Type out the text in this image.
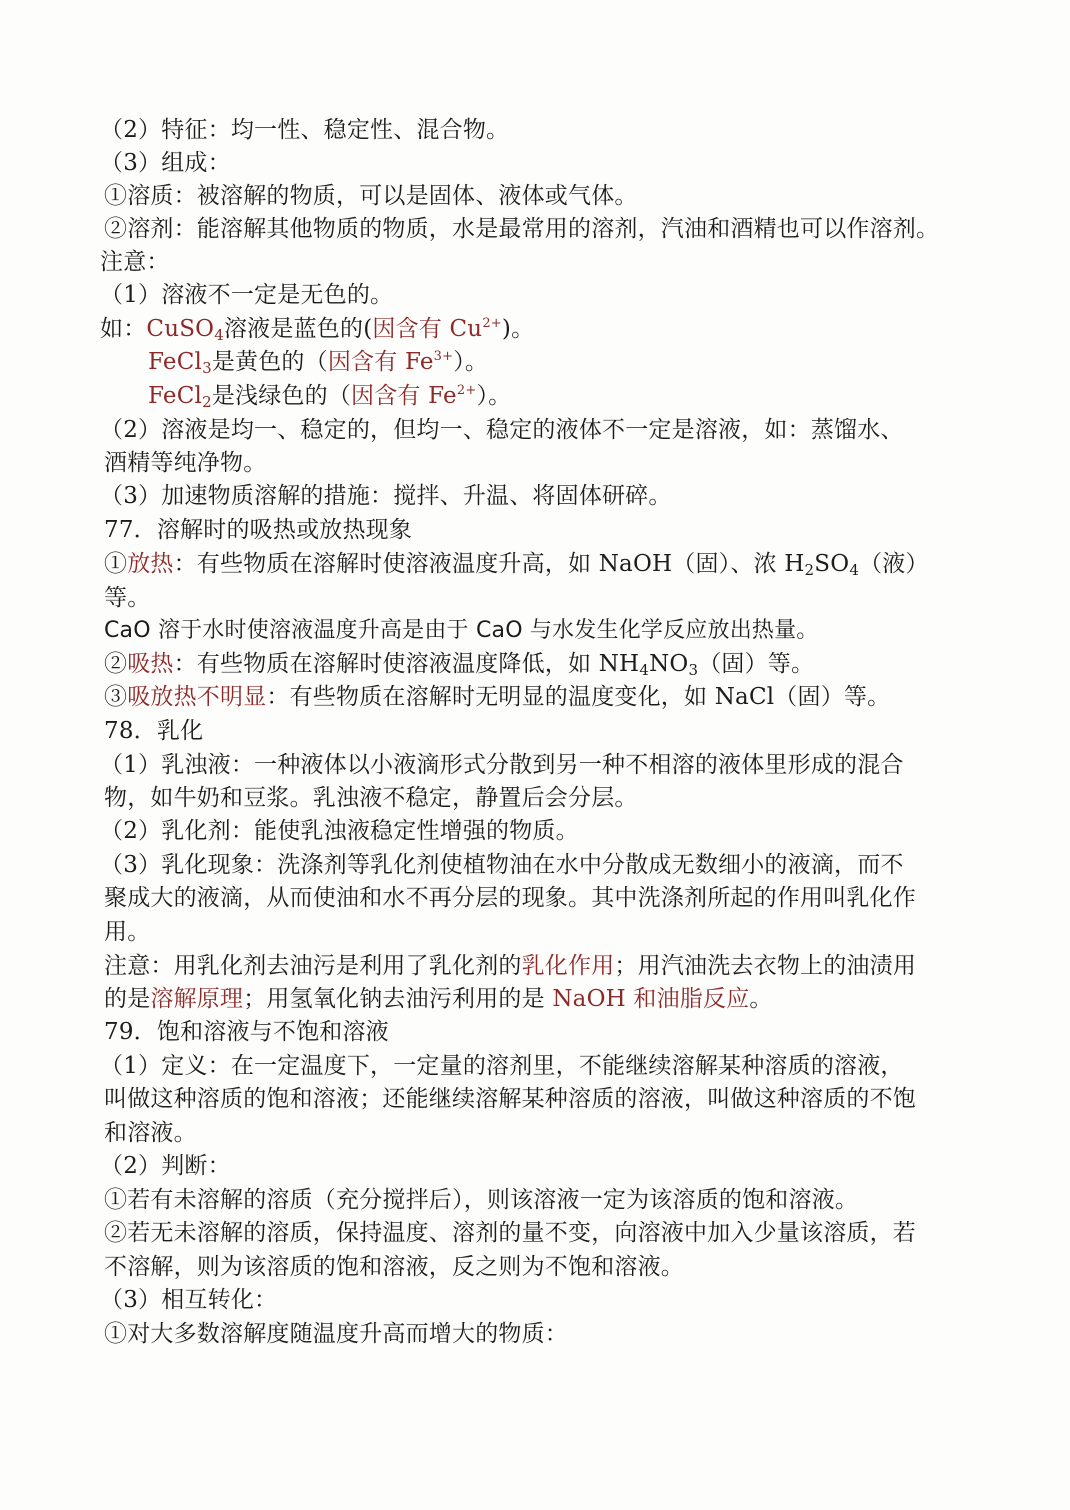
（2）特征：均一性、稳定性、混合物。
（3）组成：
①溶质：被溶解的物质，可以是固体、液体或气体。
②溶剂：能溶解其他物质的物质，水是最常用的溶剂，汽油和酒精也可以作溶剂。
注意：
（1）溶液不一定是无色的。
如：CuSO$_4$溶液是蓝色的(因含有 $Cu^{2+}$)。
FeCl$_3$是黄色的（因含有 $Fe^{3+}$）。
FeCl$_2$是浅绿色的（因含有 $Fe^{2+}$）。
（2）溶液是均一、稳定的，但均一、稳定的液体不一定是溶液，如：蒸馏水、
酒精等纯净物。
（3）加速物质溶解的措施：搅拌、升温、将固体研碎。
77．溶解时的吸热或放热现象
①放热：有些物质在溶解时使溶液温度升高，如 NaOH（固）、浓 $H_2SO_4$（液）
等。
CaO 溶于水时使溶液温度升高是由于 CaO 与水发生化学反应放出热量。
②吸热：有些物质在溶解时使溶液温度降低，如 $NH_4NO_3$（固）等。
③吸放热不明显：有些物质在溶解时无明显的温度变化，如 NaCl（固）等。
78．乳化
（1）乳浊液：一种液体以小液滴形式分散到另一种不相溶的液体里形成的混合
物，如牛奶和豆浆。乳浊液不稳定，静置后会分层。
（2）乳化剂：能使乳浊液稳定性增强的物质。
（3）乳化现象：洗涤剂等乳化剂使植物油在水中分散成无数细小的液滴，而不
聚成大的液滴，从而使油和水不再分层的现象。其中洗涤剂所起的作用叫乳化作
用。
注意：用乳化剂去油污是利用了乳化剂的乳化作用；用汽油洗去衣物上的油渍用
的是溶解原理；用氢氧化钠去油污利用的是 NaOH 和油脂反应。
79．饱和溶液与不饱和溶液
（1）定义：在一定温度下，一定量的溶剂里，不能继续溶解某种溶质的溶液，
叫做这种溶质的饱和溶液；还能继续溶解某种溶质的溶液，叫做这种溶质的不饱
和溶液。
（2）判断：
①若有未溶解的溶质（充分搅拌后），则该溶液一定为该溶质的饱和溶液。
②若无未溶解的溶质，保持温度、溶剂的量不变，向溶液中加入少量该溶质，若
不溶解，则为该溶质的饱和溶液，反之则为不饱和溶液。
（3）相互转化：
①对大多数溶解度随温度升高而增大的物质：
